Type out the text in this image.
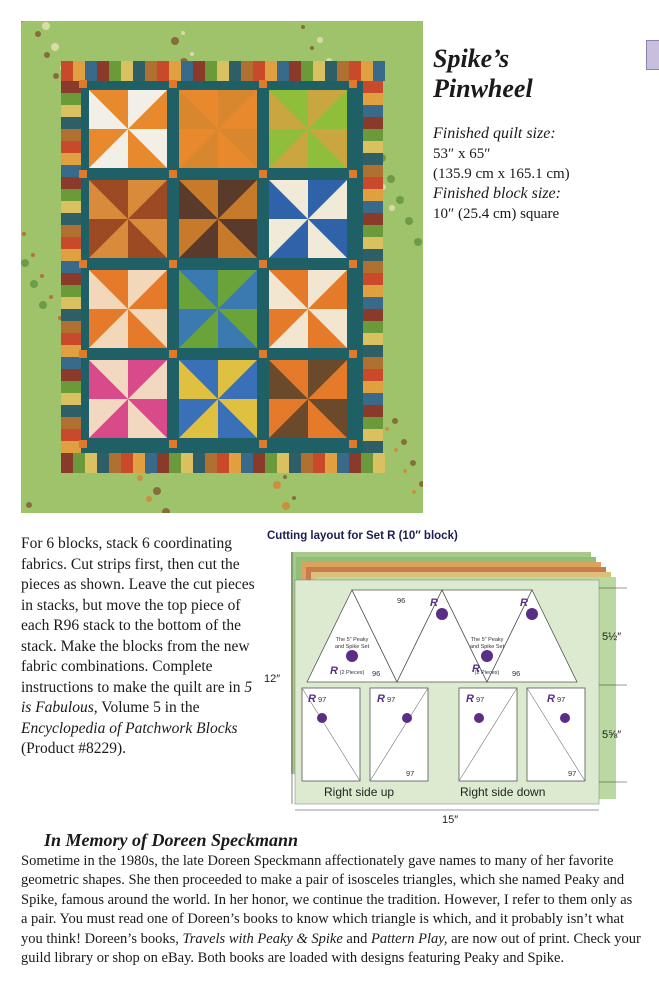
Spike’s
Pinwheel
Finished quilt size:
53″ x 65″
(135.9 cm x 165.1 cm)
Finished block size:
10″ (25.4 cm) square

For 6 blocks, stack 6 coordinating fabrics. Cut strips first, then cut the pieces as shown. Leave the cut pieces in stacks, but move the top piece of each R96 stack to the bottom of the stack. Make the blocks from the new fabric combinations. Complete instructions to make the quilt are in 5 is Fabulous, Volume 5 in the Encyclopedia of Patchwork Blocks (Product #8229).

Cutting layout for Set R (10″ block)
R
R
R
R
R	R	R	R
96
96
96
97	97	97	97
97	97
The 5″ Peaky
and Spike Set
(2 Pieces)
The 5″ Peaky
and Spike Set
(2 Pieces)
12″
5½″
5⅝″
15″
Right side up	Right side down
In Memory of Doreen Speckmann

Sometime in the 1980s, the late Doreen Speckmann affectionately gave names to many of her favorite geometric shapes. She then proceeded to make a pair of isosceles triangles, which she named Peaky and Spike, famous around the world. In her honor, we continue the tradition. However, I refer to them only as a pair. You must read one of Doreen’s books to know which triangle is which, and it probably isn’t what you think! Doreen’s books, Travels with Peaky & Spike and Pattern Play, are now out of print. Check your guild library or shop on eBay. Both books are loaded with designs featuring Peaky and Spike.
